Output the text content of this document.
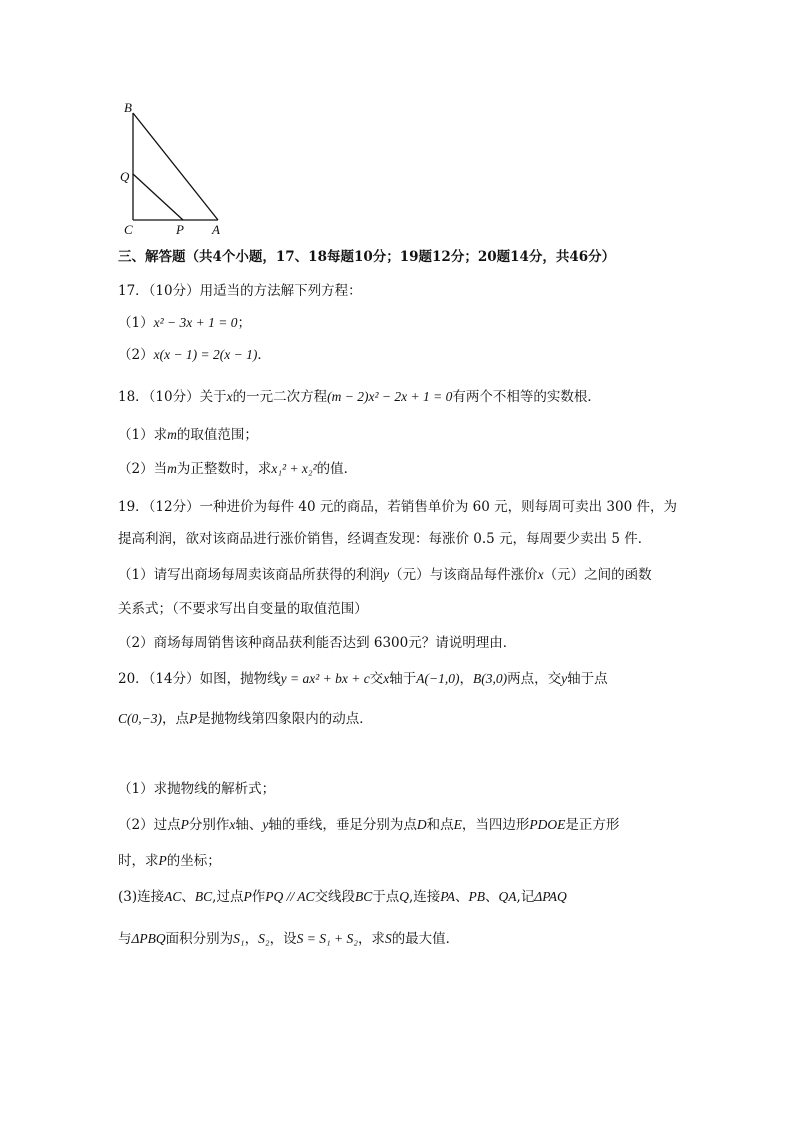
B
Q
C	P A
三、解答题（共4个小题，17、18每题10分；19题12分；20题14分，共46分）
17．（10分）用适当的方法解下列方程：
（1）x² − 3x + 1 = 0；
（2）x(x − 1) = 2(x − 1)．
18．（10分）关于x的一元二次方程(m − 2)x² − 2x + 1 = 0有两个不相等的实数根．
（1）求m的取值范围；
（2）当m为正整数时，求x₁² + x₂²的值．
19．（12分）一种进价为每件 40 元的商品，若销售单价为 60 元，则每周可卖出 300 件，为
提高利润，欲对该商品进行涨价销售，经调查发现：每涨价 0.5 元，每周要少卖出 5 件．
（1）请写出商场每周卖该商品所获得的利润y（元）与该商品每件涨价x（元）之间的函数
关系式；（不要求写出自变量的取值范围）
（2）商场每周销售该种商品获利能否达到 6300元？请说明理由．
20．（14分）如图，抛物线y = ax² + bx + c交x轴于A(−1,0)，B(3,0)两点，交y轴于点
C(0,−3)，点P是抛物线第四象限内的动点．
（1）求抛物线的解析式；
（2）过点P分别作x轴、y轴的垂线，垂足分别为点D和点E，当四边形PDOE是正方形
时，求P的坐标；
(3)连接AC、BC,过点P作PQ // AC交线段BC于点Q,连接PA、PB、QA,记ΔPAQ
与ΔPBQ面积分别为S₁，S₂，设S = S₁ + S₂，求S的最大值．
